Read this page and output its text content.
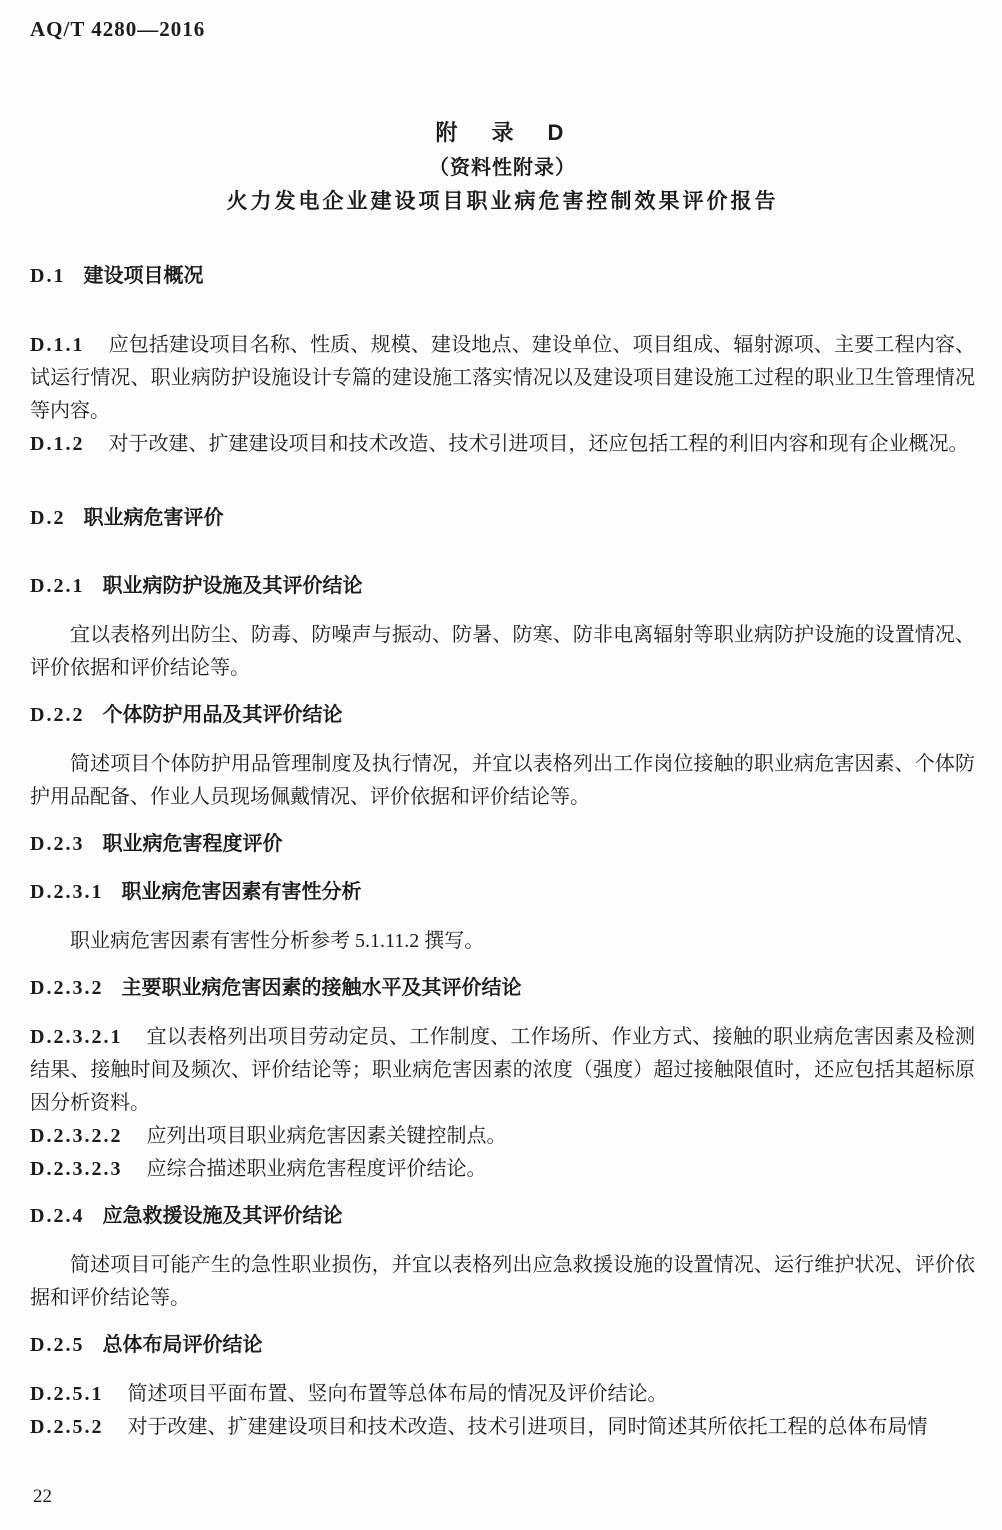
AQ/T 4280—2016
附　录　D
（资料性附录）
火力发电企业建设项目职业病危害控制效果评价报告
D.1 建设项目概况
D.1.1 应包括建设项目名称、性质、规模、建设地点、建设单位、项目组成、辐射源项、主要工程内容、试运行情况、职业病防护设施设计专篇的建设施工落实情况以及建设项目建设施工过程的职业卫生管理情况等内容。
D.1.2 对于改建、扩建建设项目和技术改造、技术引进项目，还应包括工程的利旧内容和现有企业概况。
D.2 职业病危害评价
D.2.1 职业病防护设施及其评价结论
宜以表格列出防尘、防毒、防噪声与振动、防暑、防寒、防非电离辐射等职业病防护设施的设置情况、评价依据和评价结论等。
D.2.2 个体防护用品及其评价结论
简述项目个体防护用品管理制度及执行情况，并宜以表格列出工作岗位接触的职业病危害因素、个体防护用品配备、作业人员现场佩戴情况、评价依据和评价结论等。
D.2.3 职业病危害程度评价
D.2.3.1 职业病危害因素有害性分析
职业病危害因素有害性分析参考 5.1.11.2 撰写。
D.2.3.2 主要职业病危害因素的接触水平及其评价结论
D.2.3.2.1 宜以表格列出项目劳动定员、工作制度、工作场所、作业方式、接触的职业病危害因素及检测结果、接触时间及频次、评价结论等；职业病危害因素的浓度（强度）超过接触限值时，还应包括其超标原因分析资料。
D.2.3.2.2 应列出项目职业病危害因素关键控制点。
D.2.3.2.3 应综合描述职业病危害程度评价结论。
D.2.4 应急救援设施及其评价结论
简述项目可能产生的急性职业损伤，并宜以表格列出应急救援设施的设置情况、运行维护状况、评价依据和评价结论等。
D.2.5 总体布局评价结论
D.2.5.1 简述项目平面布置、竖向布置等总体布局的情况及评价结论。
D.2.5.2 对于改建、扩建建设项目和技术改造、技术引进项目，同时简述其所依托工程的总体布局情
22
